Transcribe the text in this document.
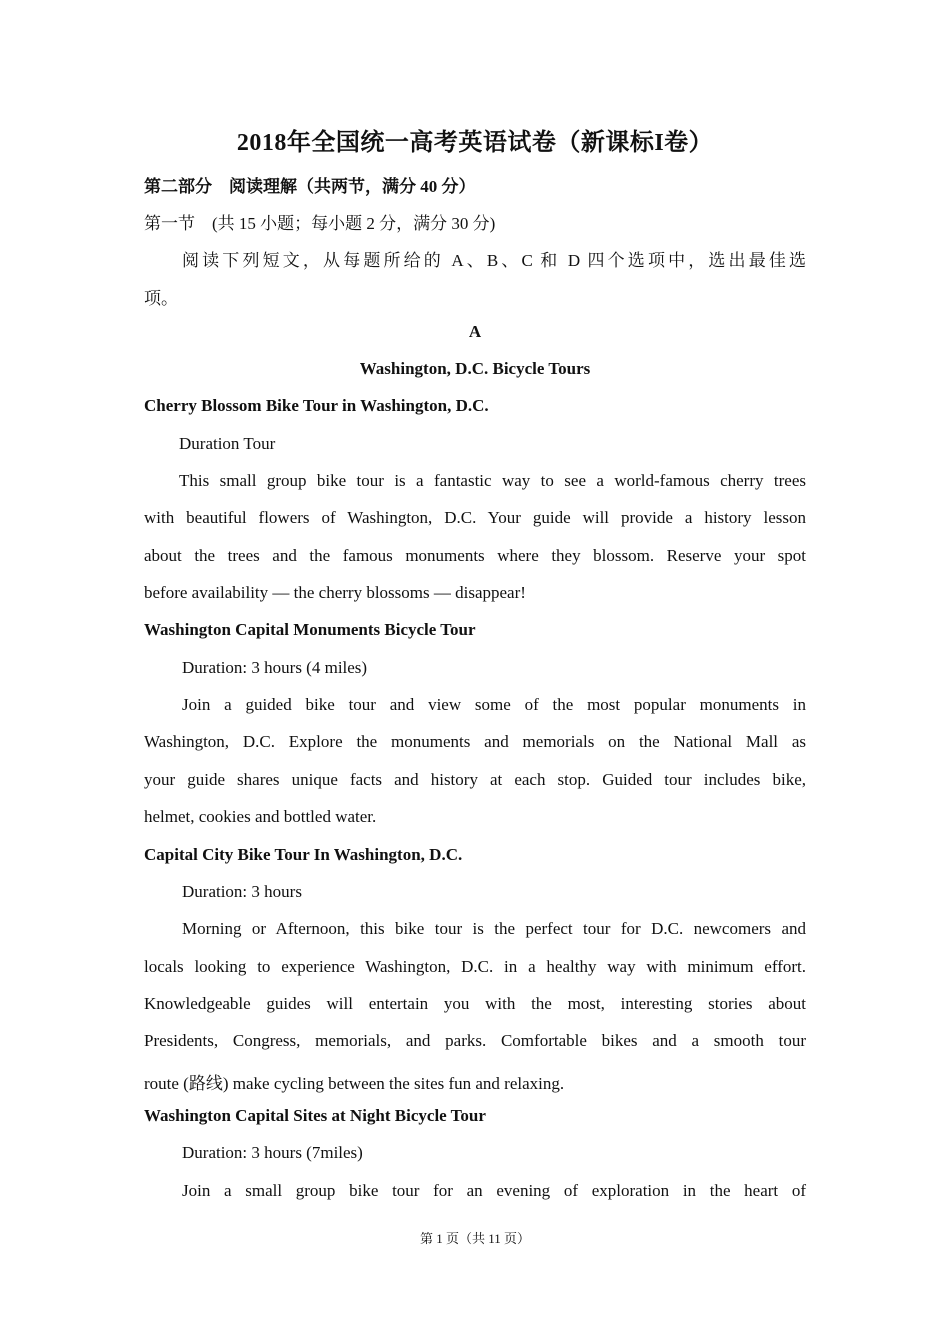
2018年全国统一高考英语试卷（新课标I卷）
第二部分　阅读理解（共两节，满分 40 分）
第一节　(共 15 小题；每小题 2 分，满分 30 分)
阅读下列短文，从每题所给的 A、B、C 和 D 四个选项中，选出最佳选
项。
A
Washington, D.C. Bicycle Tours
Cherry Blossom Bike Tour in Washington, D.C.
Duration Tour
This small group bike tour is a fantastic way to see a world-famous cherry trees
with beautiful flowers of Washington, D.C. Your guide will provide a history lesson
about the trees and the famous monuments where they blossom. Reserve your spot
before availability — the cherry blossoms — disappear!
Washington Capital Monuments Bicycle Tour
Duration: 3 hours (4 miles)
Join a guided bike tour and view some of the most popular monuments in
Washington, D.C. Explore the monuments and memorials on the National Mall as
your guide shares unique facts and history at each stop. Guided tour includes bike,
helmet, cookies and bottled water.
Capital City Bike Tour In Washington, D.C.
Duration: 3 hours
Morning or Afternoon, this bike tour is the perfect tour for D.C. newcomers and
locals looking to experience Washington, D.C. in a healthy way with minimum effort.
Knowledgeable guides will entertain you with the most, interesting stories about
Presidents, Congress, memorials, and parks. Comfortable bikes and a smooth tour
route (路线) make cycling between the sites fun and relaxing.
Washington Capital Sites at Night Bicycle Tour
Duration: 3 hours (7miles)
Join a small group bike tour for an evening of exploration in the heart of
第 1 页（共 11 页）
